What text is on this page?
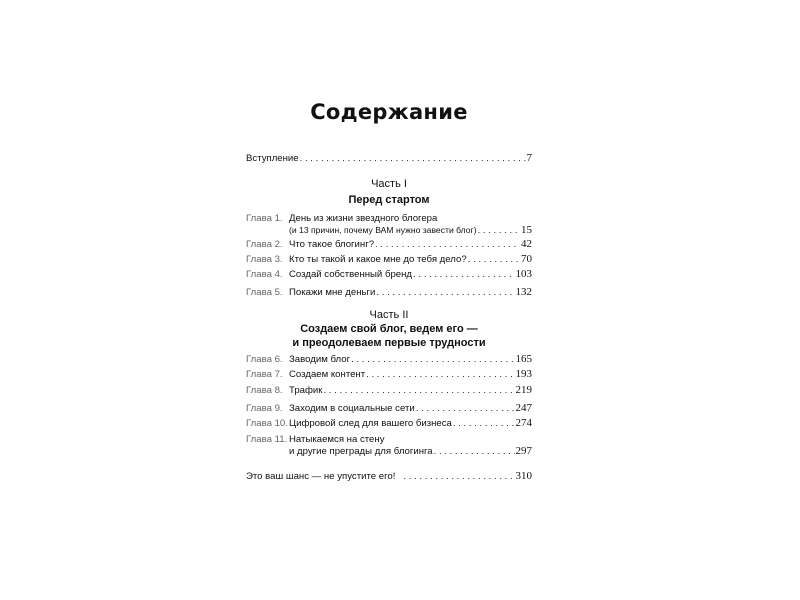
Содержание
Вступление . . .	7
Часть I
Перед стартом
Глава 1. День из жизни звездного блогера
(и 13 причин, почему ВАМ нужно завести блог) . . .	15
Глава 2. Что такое блогинг? . . .	42
Глава 3. Кто ты такой и какое мне до тебя дело? . . .	70
Глава 4. Создай собственный бренд . . .	103
Глава 5. Покажи мне деньги . . .	132
Часть II
Создаем свой блог, ведем его —
и преодолеваем первые трудности
Глава 6. Заводим блог . . .	165
Глава 7. Создаем контент . . .	193
Глава 8. Трафик . . .	219
Глава 9. Заходим в социальные сети . . .	247
Глава 10. Цифровой след для вашего бизнеса . . .	274
Глава 11. Натыкаемся на стену
и другие преграды для блогинга . . .	297
Это ваш шанс — не упустите его! . . .	310
